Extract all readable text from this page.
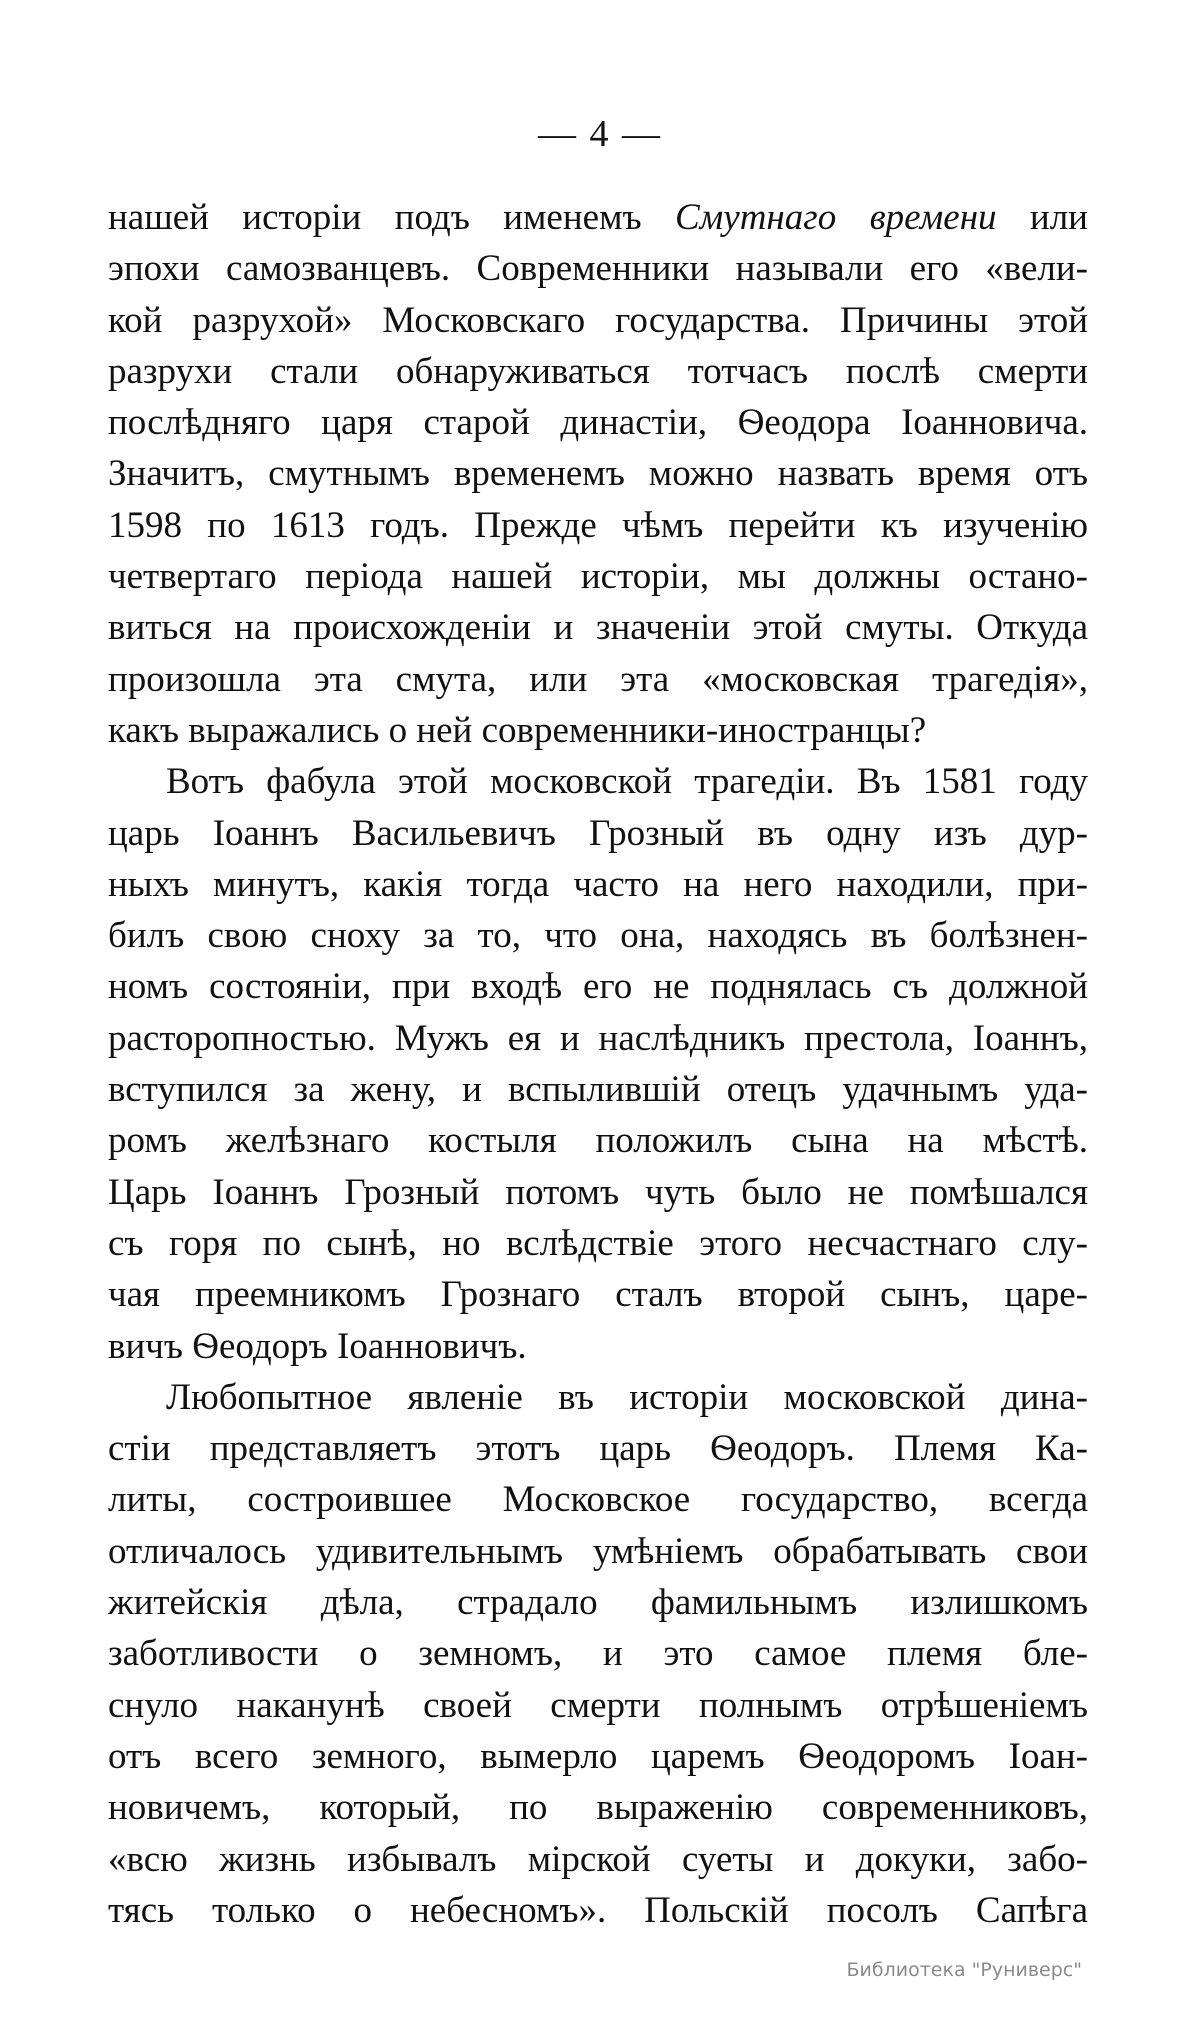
— 4 —
нашей исторіи подъ именемъ Смутнаго времени или
эпохи самозванцевъ. Современники называли его «вели-
кой разрухой» Московскаго государства. Причины этой
разрухи стали обнаруживаться тотчасъ послѣ смерти
послѣдняго царя старой династіи, Ѳеодора Іоанновича.
Значитъ, смутнымъ временемъ можно назвать время отъ
1598 по 1613 годъ. Прежде чѣмъ перейти къ изученію
четвертаго періода нашей исторіи, мы должны остано-
виться на происхожденіи и значеніи этой смуты. Откуда
произошла эта смута, или эта «московская трагедія»,
какъ выражались о ней современники-иностранцы?
Вотъ фабула этой московской трагедіи. Въ 1581 году
царь Іоаннъ Васильевичъ Грозный въ одну изъ дур-
ныхъ минутъ, какія тогда часто на него находили, при-
билъ свою сноху за то, что она, находясь въ болѣзнен-
номъ состояніи, при входѣ его не поднялась съ должной
расторопностью. Мужъ ея и наслѣдникъ престола, Іоаннъ,
вступился за жену, и вспылившій отецъ удачнымъ уда-
ромъ желѣзнаго костыля положилъ сына на мѣстѣ.
Царь Іоаннъ Грозный потомъ чуть было не помѣшался
съ горя по сынѣ, но вслѣдствіе этого несчастнаго слу-
чая преемникомъ Грознаго сталъ второй сынъ, царе-
вичъ Ѳеодоръ Іоанновичъ.
Любопытное явленіе въ исторіи московской дина-
стіи представляетъ этотъ царь Ѳеодоръ. Племя Ка-
литы, состроившее Московское государство, всегда
отличалось удивительнымъ умѣніемъ обрабатывать свои
житейскія дѣла, страдало фамильнымъ излишкомъ
заботливости о земномъ, и это самое племя бле-
снуло наканунѣ своей смерти полнымъ отрѣшеніемъ
отъ всего земного, вымерло царемъ Ѳеодоромъ Іоан-
новичемъ, который, по выраженію современниковъ,
«всю жизнь избывалъ мірской суеты и докуки, забо-
тясь только о небесномъ». Польскій посолъ Сапѣга
Библиотека "Руниверс"
